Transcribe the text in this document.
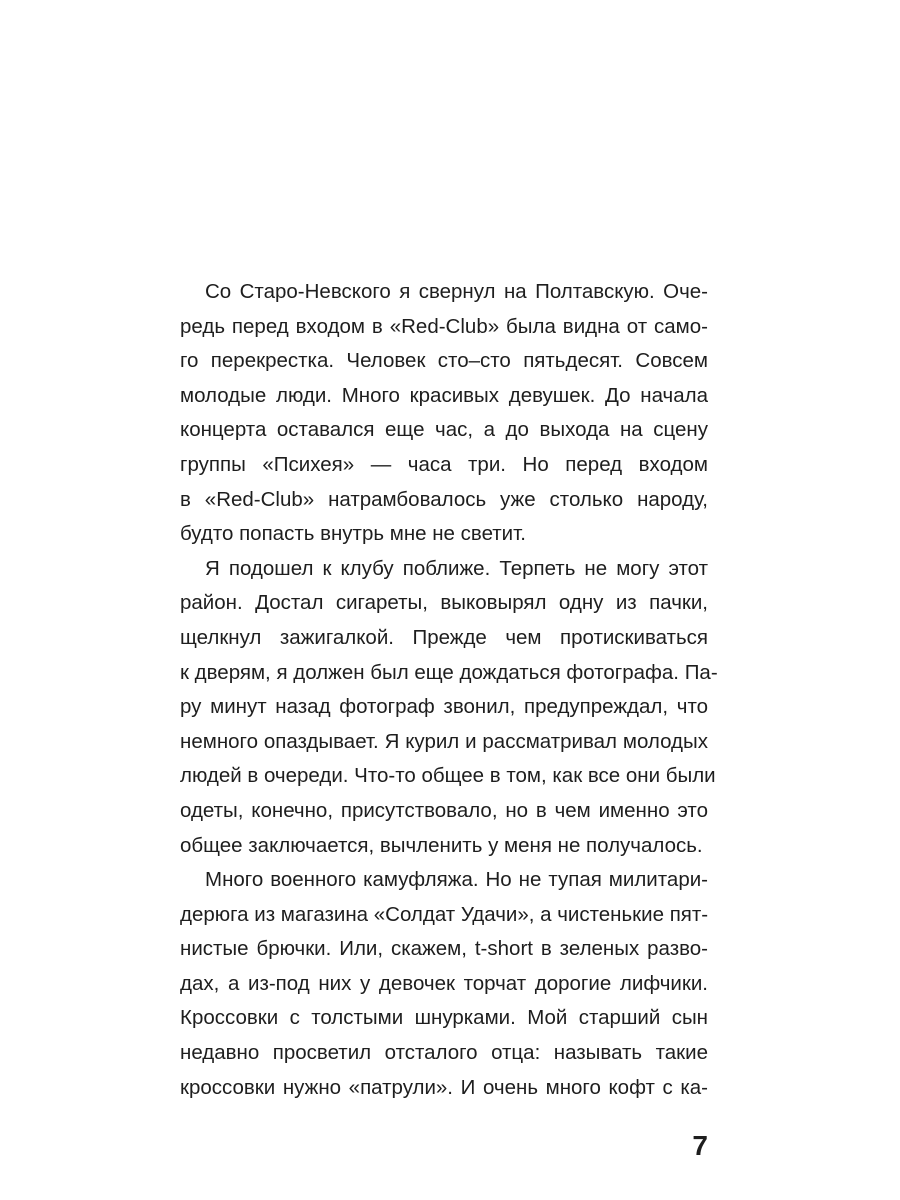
Со Старо-Невского я свернул на Полтавскую. Оче-
редь перед входом в «Red-Club» была видна от само-
го перекрестка. Человек сто–сто пятьдесят. Совсем
молодые люди. Много красивых девушек. До начала
концерта оставался еще час, а до выхода на сцену
группы «Психея» — часа три. Но перед входом
в «Red-Club» натрамбовалось уже столько народу,
будто попасть внутрь мне не светит.
Я подошел к клубу поближе. Терпеть не могу этот
район. Достал сигареты, выковырял одну из пачки,
щелкнул зажигалкой. Прежде чем протискиваться
к дверям, я должен был еще дождаться фотографа. Па-
ру минут назад фотограф звонил, предупреждал, что
немного опаздывает. Я курил и рассматривал молодых
людей в очереди. Что-то общее в том, как все они были
одеты, конечно, присутствовало, но в чем именно это
общее заключается, вычленить у меня не получалось.
Много военного камуфляжа. Но не тупая милитари-
дерюга из магазина «Солдат Удачи», а чистенькие пят-
нистые брючки. Или, скажем, t-short в зеленых разво-
дах, а из-под них у девочек торчат дорогие лифчики.
Кроссовки с толстыми шнурками. Мой старший сын
недавно просветил отсталого отца: называть такие
кроссовки нужно «патрули». И очень много кофт с ка-
7
